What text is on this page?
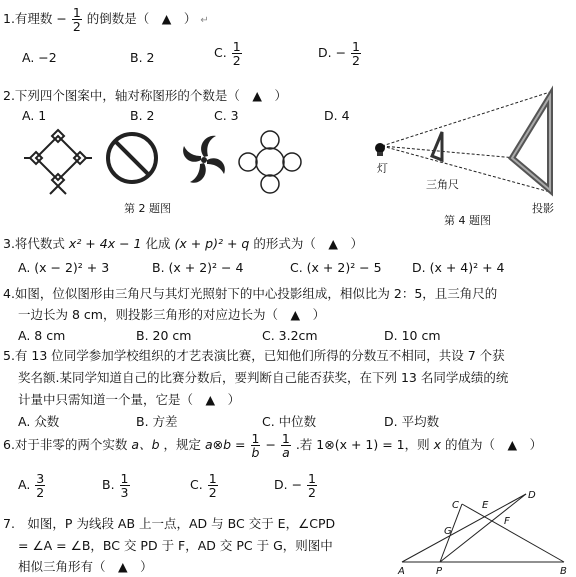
1.有理数 − $\frac{1}{2}$ 的倒数是（　▲　） ↵
A. −2	B. 2	C. $\frac{1}{2}$	D. − $\frac{1}{2}$
2.下列四个图案中，轴对称图形的个数是（　▲　）
A. 1	B. 2	C. 3	D. 4
第 2 题图
灯
三角尺
投影
第 4 题图
3.将代数式 x² + 4x − 1 化成 (x + p)² + q 的形式为（　▲　）
A. (x − 2)² + 3	B. (x + 2)² − 4	C. (x + 2)² − 5 D. (x + 4)² + 4
4.如图，位似图形由三角尺与其灯光照射下的中心投影组成，相似比为 2：5，且三角尺的
一边长为 8 cm，则投影三角形的对应边长为（　▲　）
A. 8 cm	B. 20 cm	C. 3.2cm	D. 10 cm
5.有 13 位同学参加学校组织的才艺表演比赛，已知他们所得的分数互不相同，共设 7 个获
奖名额.某同学知道自己的比赛分数后，要判断自己能否获奖，在下列 13 名同学成绩的统
计量中只需知道一个量，它是（　▲　）
A. 众数	B. 方差	C. 中位数	D. 平均数
6.对于非零的两个实数 a、b ，规定 a⊗b = $\frac{1}{b} - \frac{1}{a}$ .若 1⊗(x + 1) = 1，则 x 的值为（　▲　）
A. $\frac{3}{2}$	B. $\frac{1}{3}$	C. $\frac{1}{2}$	D. − $\frac{1}{2}$
7.　如图，P 为线段 AB 上一点，AD 与 BC 交于 E，∠CPD
= ∠A = ∠B，BC 交 PD 于 F，AD 交 PC 于 G，则图中
相似三角形有（　▲　）	A	B
P
C
D
E
F
G
